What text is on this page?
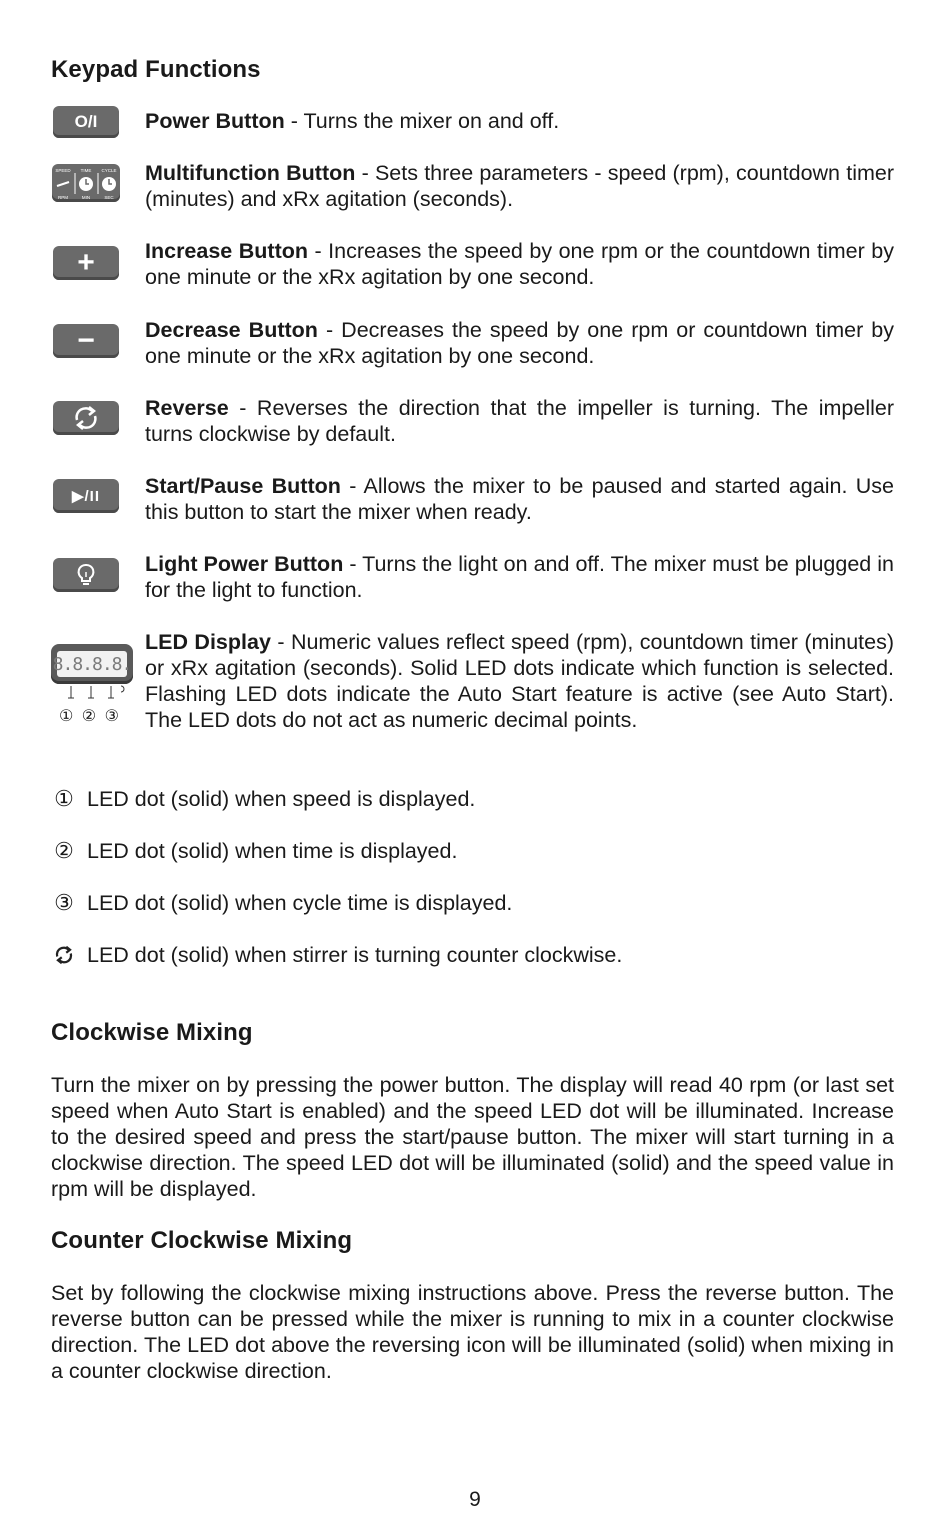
Keypad Functions
O/I Power Button - Turns the mixer on and off.

SPEED TIME CYCLE
RPM	MIN	SEC

Multifunction Button - Sets three parameters - speed (rpm), countdown timer (minutes) and xRx agitation (seconds).

+ Increase Button - Increases the speed by one rpm or the countdown timer by one minute or the xRx agitation by one second.

− Decrease Button - Decreases the speed by one rpm or countdown timer by one minute or the xRx agitation by one second.

Reverse - Reverses the direction that the impeller is turning. The impeller turns clockwise by default.

▶/II Start/Pause Button - Allows the mixer to be paused and started again. Use this button to start the mixer when ready.

Light Power Button - Turns the light on and off. The mixer must be plugged in for the light to function.

8.8.8.8.
① ② ③

LED Display - Numeric values reflect speed (rpm), countdown timer (minutes) or xRx agitation (seconds). Solid LED dots indicate which function is selected. Flashing LED dots indicate the Auto Start feature is active (see Auto Start). The LED dots do not act as numeric decimal points.

① LED dot (solid) when speed is displayed.
② LED dot (solid) when time is displayed.
③ LED dot (solid) when cycle time is displayed.
LED dot (solid) when stirrer is turning counter clockwise.
Clockwise Mixing

Turn the mixer on by pressing the power button. The display will read 40 rpm (or last set speed when Auto Start is enabled) and the speed LED dot will be illuminated. Increase to the desired speed and press the start/pause button. The mixer will start turning in a clockwise direction. The speed LED dot will be illuminated (solid) and the speed value in rpm will be displayed.

Counter Clockwise Mixing

Set by following the clockwise mixing instructions above. Press the reverse button. The reverse button can be pressed while the mixer is running to mix in a counter clockwise direction. The LED dot above the reversing icon will be illuminated (solid) when mixing in a counter clockwise direction.

9
